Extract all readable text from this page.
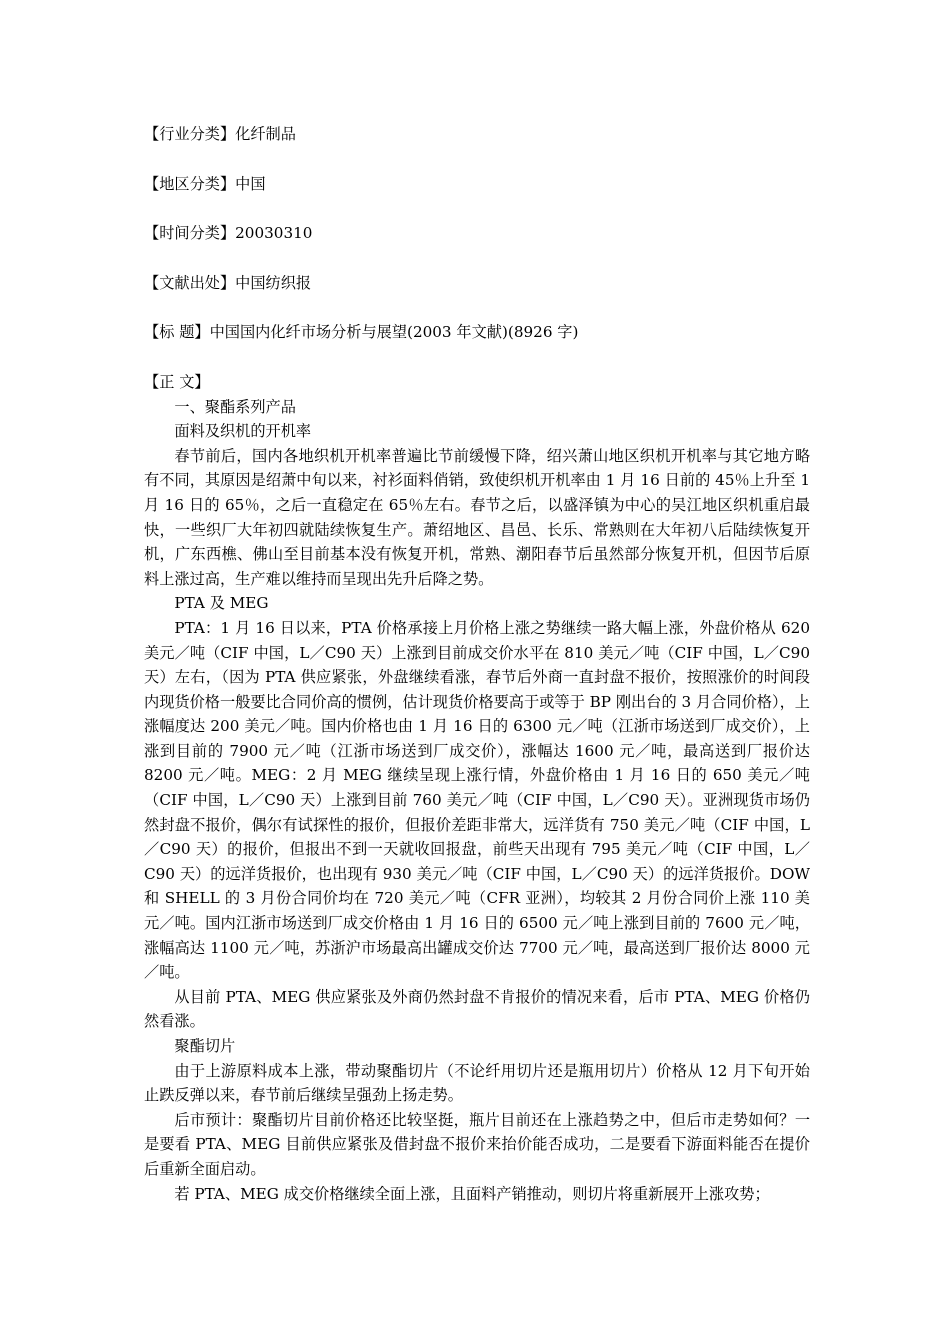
【行业分类】化纤制品
【地区分类】中国
【时间分类】20030310
【文献出处】中国纺织报
【标 题】中国国内化纤市场分析与展望(2003 年文献)(8926 字)
【正 文】

一、聚酯系列产品

面料及织机的开机率

春节前后，国内各地织机开机率普遍比节前缓慢下降，绍兴萧山地区织机开机率与其它地方略有不同，其原因是绍萧中旬以来，衬衫面料俏销，致使织机开机率由 1 月 16 日前的 45％上升至 1 月 16 日的 65％，之后一直稳定在 65％左右。春节之后，以盛泽镇为中心的吴江地区织机重启最快，一些织厂大年初四就陆续恢复生产。萧绍地区、昌邑、长乐、常熟则在大年初八后陆续恢复开机，广东西樵、佛山至目前基本没有恢复开机，常熟、潮阳春节后虽然部分恢复开机，但因节后原料上涨过高，生产难以维持而呈现出先升后降之势。

PTA 及 MEG

PTA：1 月 16 日以来，PTA 价格承接上月价格上涨之势继续一路大幅上涨，外盘价格从 620 美元／吨（CIF 中国，L／C90 天）上涨到目前成交价水平在 810 美元／吨（CIF 中国，L／C90 天）左右，（因为 PTA 供应紧张，外盘继续看涨，春节后外商一直封盘不报价，按照涨价的时间段内现货价格一般要比合同价高的惯例，估计现货价格要高于或等于 BP 刚出台的 3 月合同价格），上涨幅度达 200 美元／吨。国内价格也由 1 月 16 日的 6300 元／吨（江浙市场送到厂成交价），上涨到目前的 7900 元／吨（江浙市场送到厂成交价），涨幅达 1600 元／吨，最高送到厂报价达 8200 元／吨。MEG：2 月 MEG 继续呈现上涨行情，外盘价格由 1 月 16 日的 650 美元／吨（CIF 中国，L／C90 天）上涨到目前 760 美元／吨（CIF 中国，L／C90 天）。亚洲现货市场仍然封盘不报价，偶尔有试探性的报价，但报价差距非常大，远洋货有 750 美元／吨（CIF 中国，L／C90 天）的报价，但报出不到一天就收回报盘，前些天出现有 795 美元／吨（CIF 中国，L／C90 天）的远洋货报价，也出现有 930 美元／吨（CIF 中国，L／C90 天）的远洋货报价。DOW 和 SHELL 的 3 月份合同价均在 720 美元／吨（CFR 亚洲），均较其 2 月份合同价上涨 110 美元／吨。国内江浙市场送到厂成交价格由 1 月 16 日的 6500 元／吨上涨到目前的 7600 元／吨，涨幅高达 1100 元／吨，苏浙沪市场最高出罐成交价达 7700 元／吨，最高送到厂报价达 8000 元／吨。

从目前 PTA、MEG 供应紧张及外商仍然封盘不肯报价的情况来看，后市 PTA、MEG 价格仍然看涨。

聚酯切片

由于上游原料成本上涨，带动聚酯切片（不论纤用切片还是瓶用切片）价格从 12 月下旬开始止跌反弹以来，春节前后继续呈强劲上扬走势。

后市预计：聚酯切片目前价格还比较坚挺，瓶片目前还在上涨趋势之中，但后市走势如何？一是要看 PTA、MEG 目前供应紧张及借封盘不报价来抬价能否成功，二是要看下游面料能否在提价后重新全面启动。

若 PTA、MEG 成交价格继续全面上涨，且面料产销推动，则切片将重新展开上涨攻势；
